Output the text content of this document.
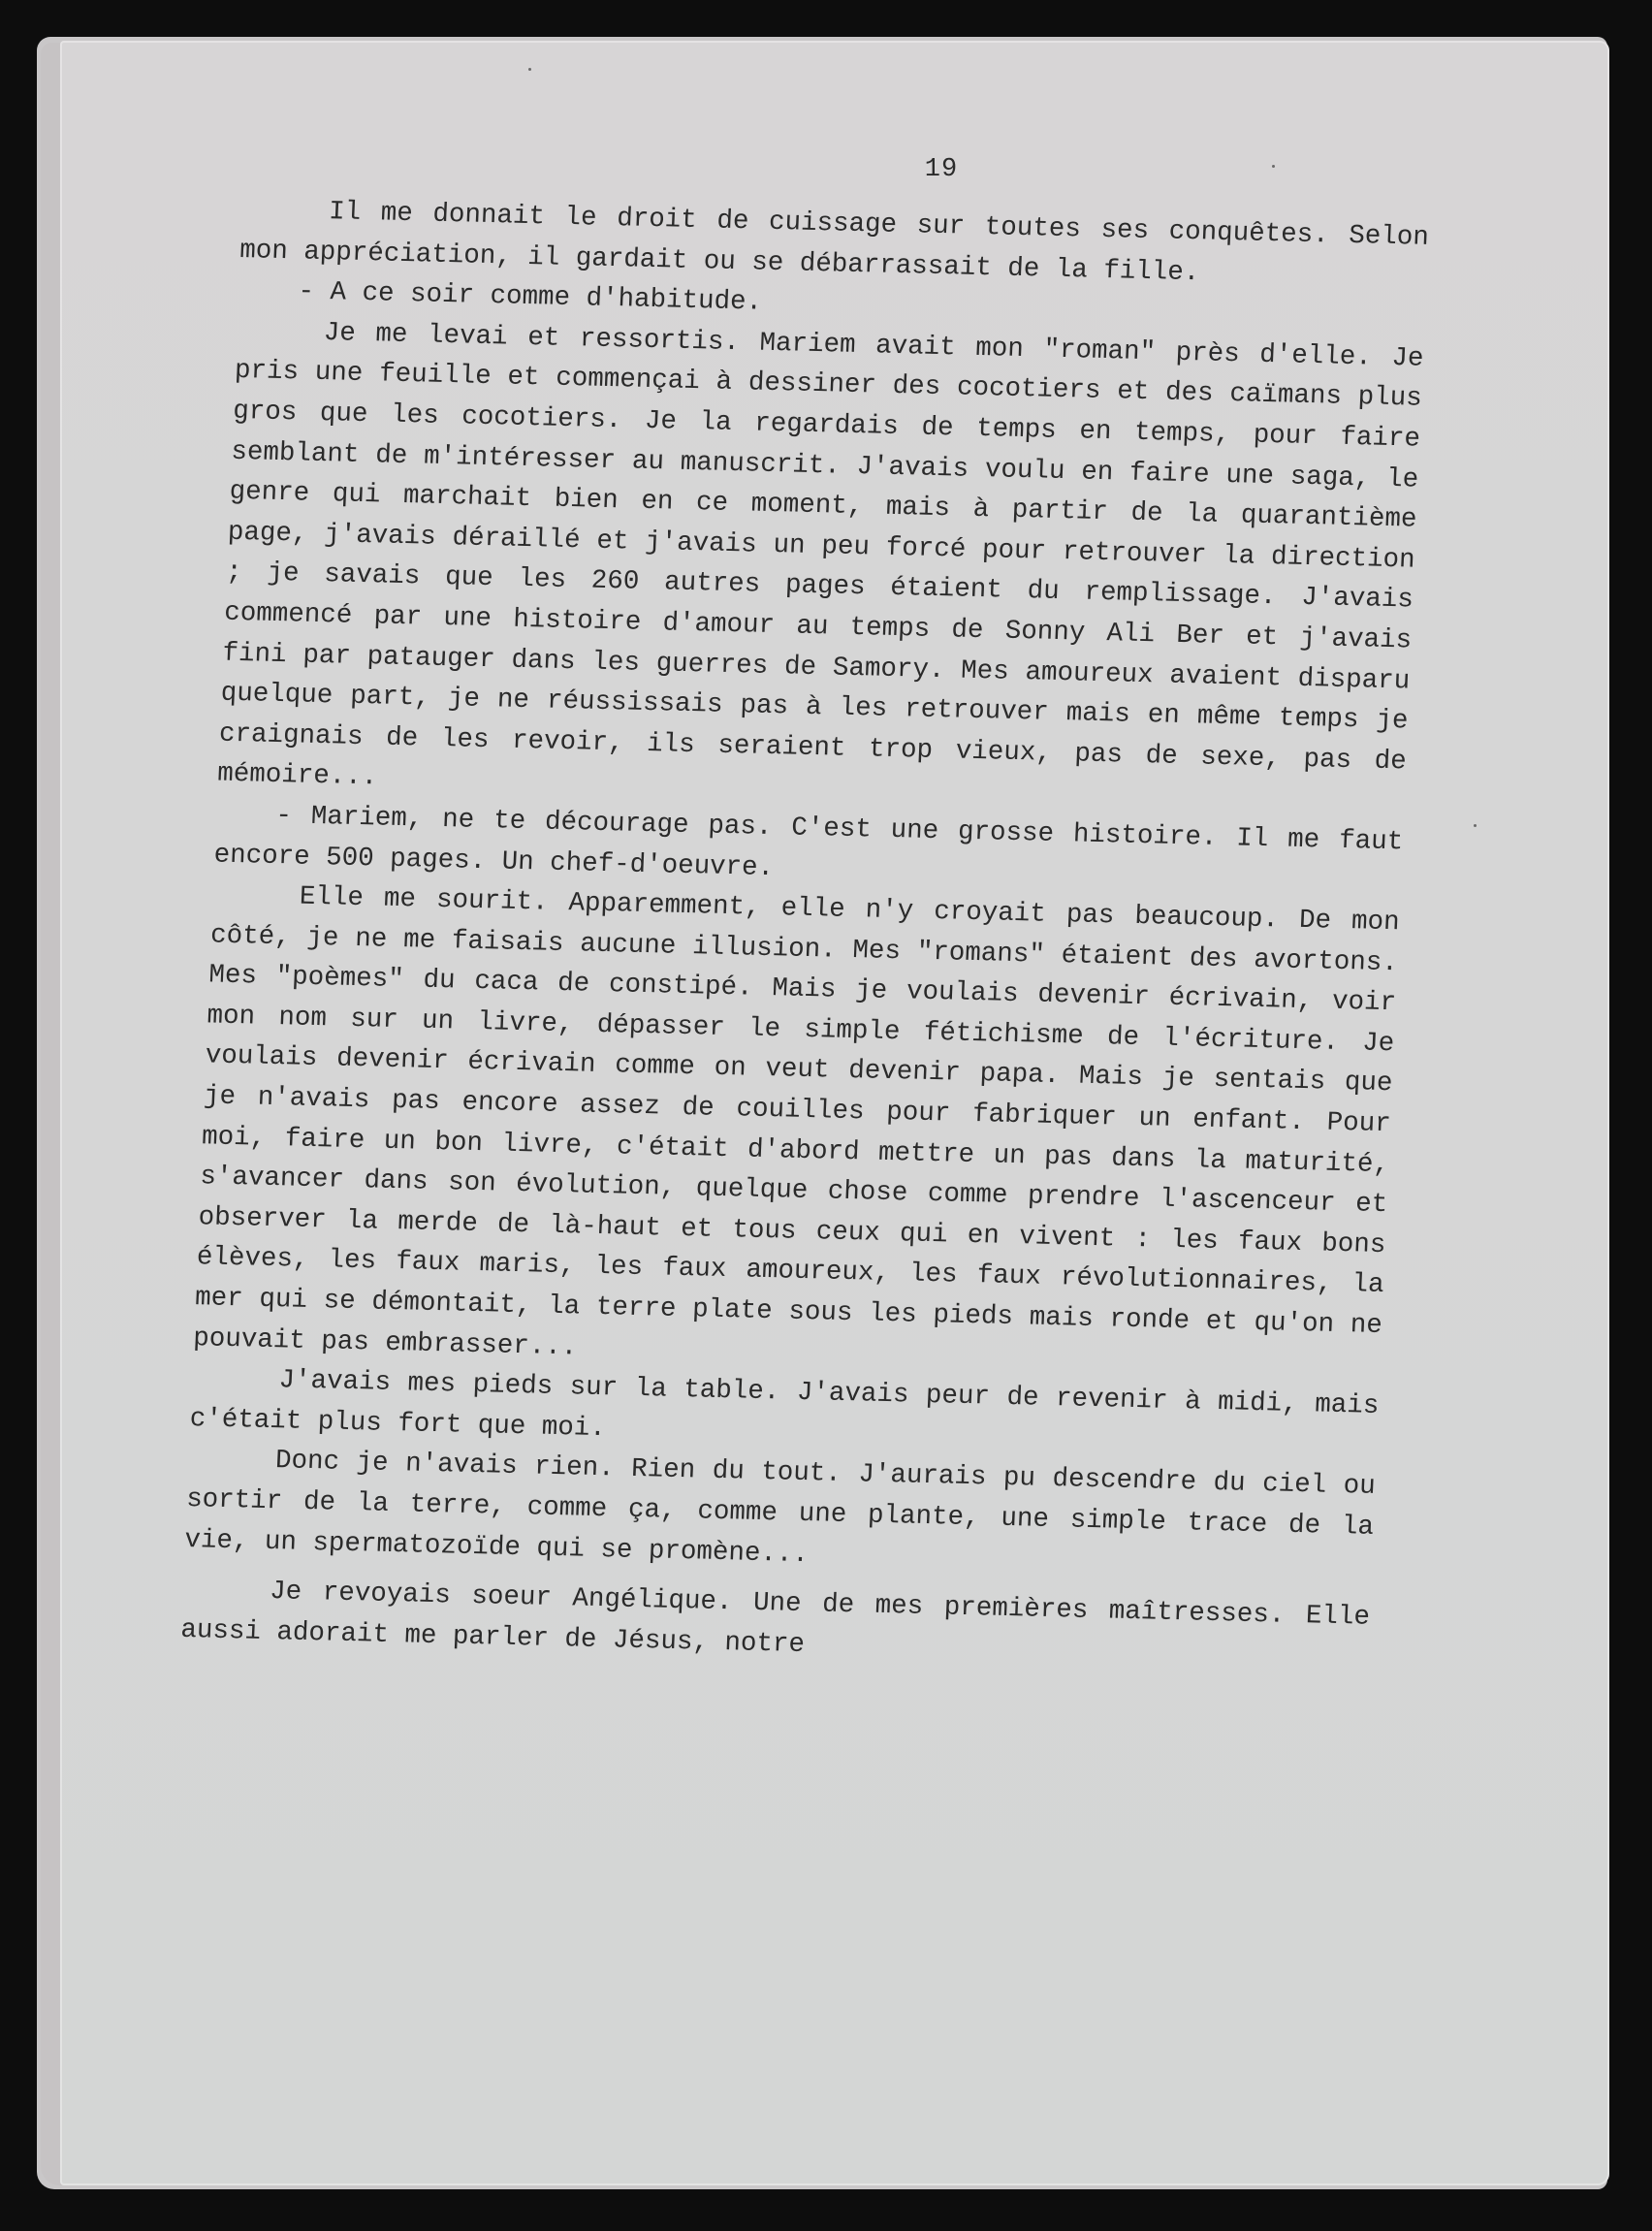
19

Il me donnait le droit de cuissage sur toutes ses conquêtes. Selon mon appréciation, il gardait ou se débarrassait de la fille.

- A ce soir comme d'habitude.

Je me levai et ressortis. Mariem avait mon "roman" près d'elle. Je pris une feuille et commençai à dessiner des cocotiers et des caïmans plus gros que les cocotiers. Je la regardais de temps en temps, pour faire semblant de m'intéresser au manuscrit. J'avais voulu en faire une saga, le genre qui marchait bien en ce moment, mais à partir de la quarantième page, j'avais déraillé et j'avais un peu forcé pour retrouver la direction ; je savais que les 260 autres pages étaient du remplissage. J'avais commencé par une histoire d'amour au temps de Sonny Ali Ber et j'avais fini par patauger dans les guerres de Samory. Mes amoureux avaient disparu quelque part, je ne réussissais pas à les retrouver mais en même temps je craignais de les revoir, ils seraient trop vieux, pas de sexe, pas de mémoire...

- Mariem, ne te décourage pas. C'est une grosse histoire. Il me faut encore 500 pages. Un chef-d'oeuvre.

Elle me sourit. Apparemment, elle n'y croyait pas beaucoup. De mon côté, je ne me faisais aucune illusion. Mes "romans" étaient des avortons. Mes "poèmes" du caca de constipé. Mais je voulais devenir écrivain, voir mon nom sur un livre, dépasser le simple fétichisme de l'écriture. Je voulais devenir écrivain comme on veut devenir papa. Mais je sentais que je n'avais pas encore assez de couilles pour fabriquer un enfant. Pour moi, faire un bon livre, c'était d'abord mettre un pas dans la maturité, s'avancer dans son évolution, quelque chose comme prendre l'ascenceur et observer la merde de là-haut et tous ceux qui en vivent : les faux bons élèves, les faux maris, les faux amoureux, les faux révolutionnaires, la mer qui se démontait, la terre plate sous les pieds mais ronde et qu'on ne pouvait pas embrasser...

J'avais mes pieds sur la table. J'avais peur de revenir à midi, mais c'était plus fort que moi.

Donc je n'avais rien. Rien du tout. J'aurais pu descendre du ciel ou sortir de la terre, comme ça, comme une plante, une simple trace de la vie, un spermatozoïde qui se promène...

Je revoyais soeur Angélique. Une de mes premières maîtresses. Elle aussi adorait me parler de Jésus, notre
